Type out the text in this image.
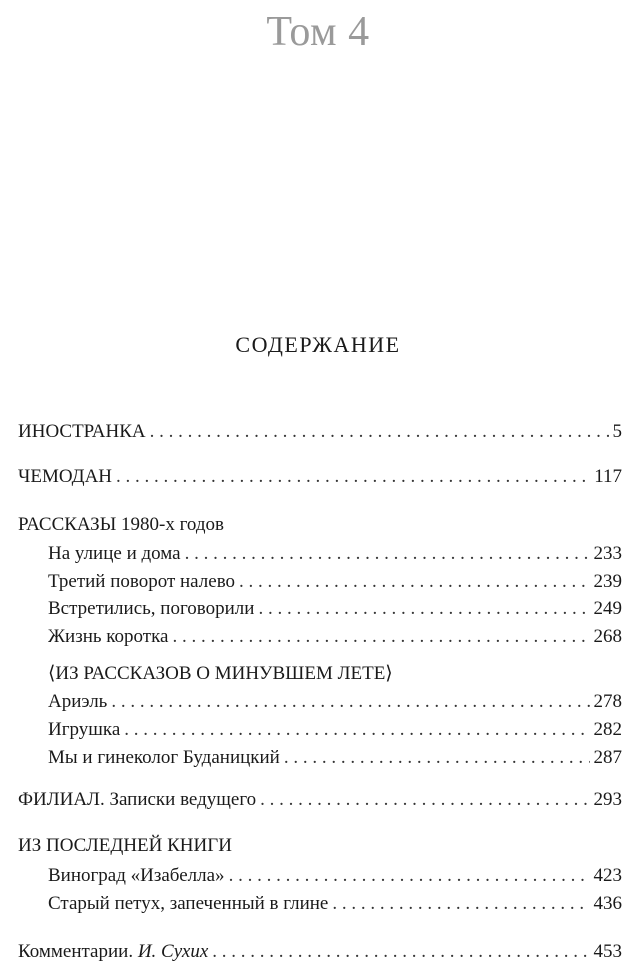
Том 4
СОДЕРЖАНИЕ
ИНОСТРАНКА . . .	5
ЧЕМОДАН . . .	117
РАССКАЗЫ 1980-х годов
На улице и дома . . .	233
Третий поворот налево . . .	239
Встретились, поговорили . . .	249
Жизнь коротка . . .	268
⟨ИЗ РАССКАЗОВ О МИНУВШЕМ ЛЕТЕ⟩
Ариэль . . .	278
Игрушка . . .	282
Мы и гинеколог Буданицкий . . .	287
ФИЛИАЛ. Записки ведущего . . .	293
ИЗ ПОСЛЕДНЕЙ КНИГИ
Виноград «Изабелла» . . .	423
Старый петух, запеченный в глине . . .	436
Комментарии. И. Сухих . . .	453
